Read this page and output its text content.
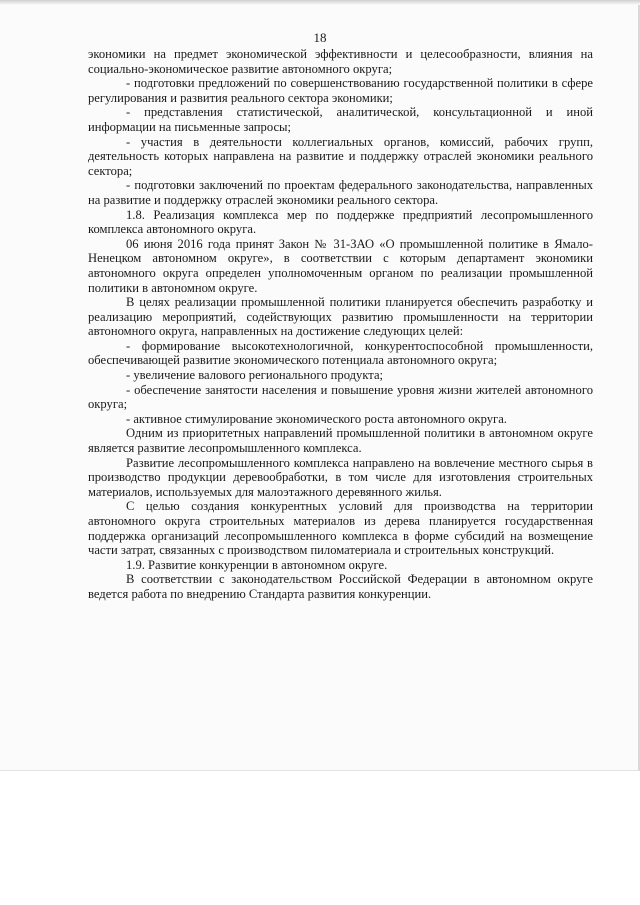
18

экономики на предмет экономической эффективности и целесообразности, влияния на социально-экономическое развитие автономного округа;

- подготовки предложений по совершенствованию государственной политики в сфере регулирования и развития реального сектора экономики;

- представления статистической, аналитической, консультационной и иной информации на письменные запросы;

- участия в деятельности коллегиальных органов, комиссий, рабочих групп, деятельность которых направлена на развитие и поддержку отраслей экономики реального сектора;

- подготовки заключений по проектам федерального законодательства, направленных на развитие и поддержку отраслей экономики реального сектора.

1.8. Реализация комплекса мер по поддержке предприятий лесопромышленного комплекса автономного округа.

06 июня 2016 года принят Закон № 31-ЗАО «О промышленной политике в Ямало-Ненецком автономном округе», в соответствии с которым департамент экономики автономного округа определен уполномоченным органом по реализации промышленной политики в автономном округе.

В целях реализации промышленной политики планируется обеспечить разработку и реализацию мероприятий, содействующих развитию промышленности на территории автономного округа, направленных на достижение следующих целей:

- формирование высокотехнологичной, конкурентоспособной промышленности, обеспечивающей развитие экономического потенциала автономного округа;

- увеличение валового регионального продукта;

- обеспечение занятости населения и повышение уровня жизни жителей автономного округа;

- активное стимулирование экономического роста автономного округа.

Одним из приоритетных направлений промышленной политики в автономном округе является развитие лесопромышленного комплекса.

Развитие лесопромышленного комплекса направлено на вовлечение местного сырья в производство продукции деревообработки, в том числе для изготовления строительных материалов, используемых для малоэтажного деревянного жилья.

С целью создания конкурентных условий для производства на территории автономного округа строительных материалов из дерева планируется государственная поддержка организаций лесопромышленного комплекса в форме субсидий на возмещение части затрат, связанных с производством пиломатериала и строительных конструкций.

1.9. Развитие конкуренции в автономном округе.

В соответствии с законодательством Российской Федерации в автономном округе ведется работа по внедрению Стандарта развития конкуренции.
